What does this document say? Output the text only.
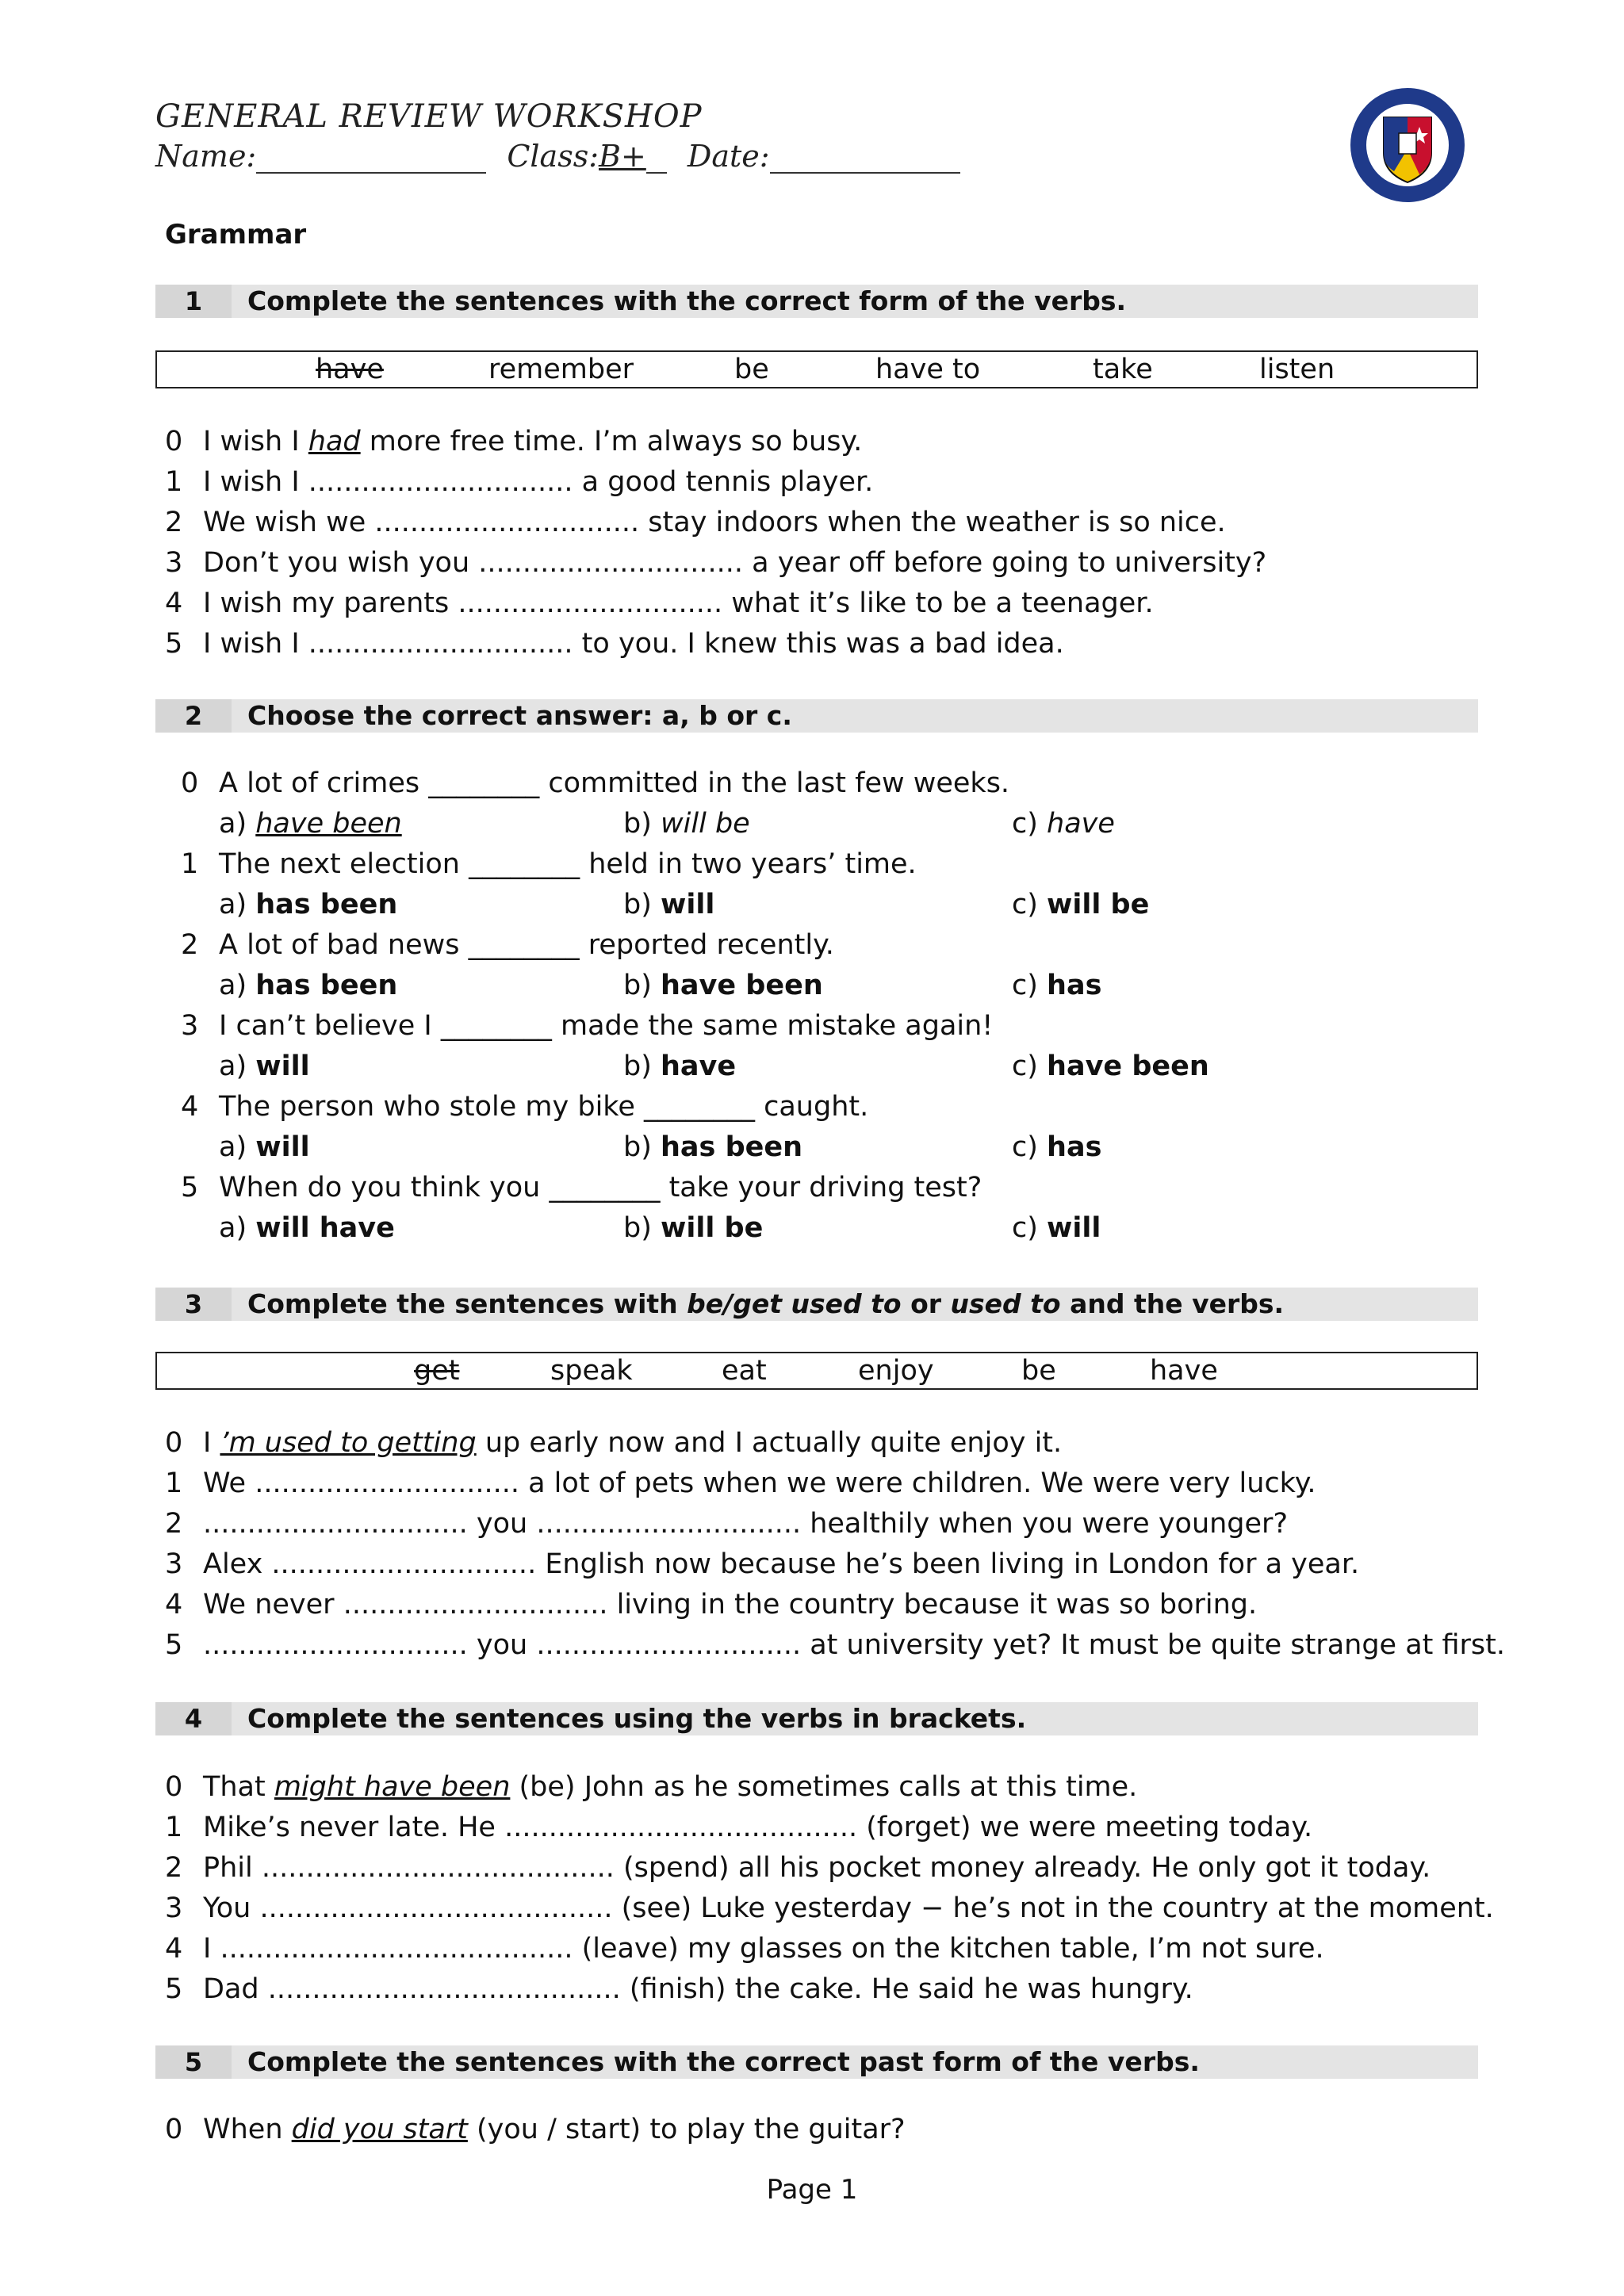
GENERAL REVIEW WORKSHOP
Name:	Class:B+ Date:
Grammar
1	Complete the sentences with the correct form of the verbs.
have	remember	be	have to	take	listen
0 I wish I had more free time. I’m always so busy.
1 I wish I .............................. a good tennis player.
2 We wish we .............................. stay indoors when the weather is so nice.
3 Don’t you wish you .............................. a year off before going to university?
4 I wish my parents .............................. what it’s like to be a teenager.
5 I wish I .............................. to you. I knew this was a bad idea.
2	Choose the correct answer: a, b or c.
0 A lot of crimes ________ committed in the last few weeks.
a) have been	b) will be	c) have
1 The next election ________ held in two years’ time.
a) has been	b) will	c) will be
2 A lot of bad news ________ reported recently.
a) has been	b) have been	c) has
3 I can’t believe I ________ made the same mistake again!
a) will	b) have	c) have been
4 The person who stole my bike ________ caught.
a) will	b) has been	c) has
5 When do you think you ________ take your driving test?
a) will have	b) will be	c) will
3	Complete the sentences with be/get used to or used to and the verbs.
get	speak	eat	enjoy	be	have
0 I ’m used to getting up early now and I actually quite enjoy it.
1 We .............................. a lot of pets when we were children. We were very lucky.
2 .............................. you .............................. healthily when you were younger?
3 Alex .............................. English now because he’s been living in London for a year.
4 We never .............................. living in the country because it was so boring.
5 .............................. you .............................. at university yet? It must be quite strange at first.
4	Complete the sentences using the verbs in brackets.
0 That might have been (be) John as he sometimes calls at this time.
1 Mike’s never late. He ........................................ (forget) we were meeting today.
2 Phil ........................................ (spend) all his pocket money already. He only got it today.
3 You ........................................ (see) Luke yesterday − he’s not in the country at the moment.
4 I ........................................ (leave) my glasses on the kitchen table, I’m not sure.
5 Dad ........................................ (finish) the cake. He said he was hungry.
5	Complete the sentences with the correct past form of the verbs.
0 When did you start (you / start) to play the guitar?
Page 1
